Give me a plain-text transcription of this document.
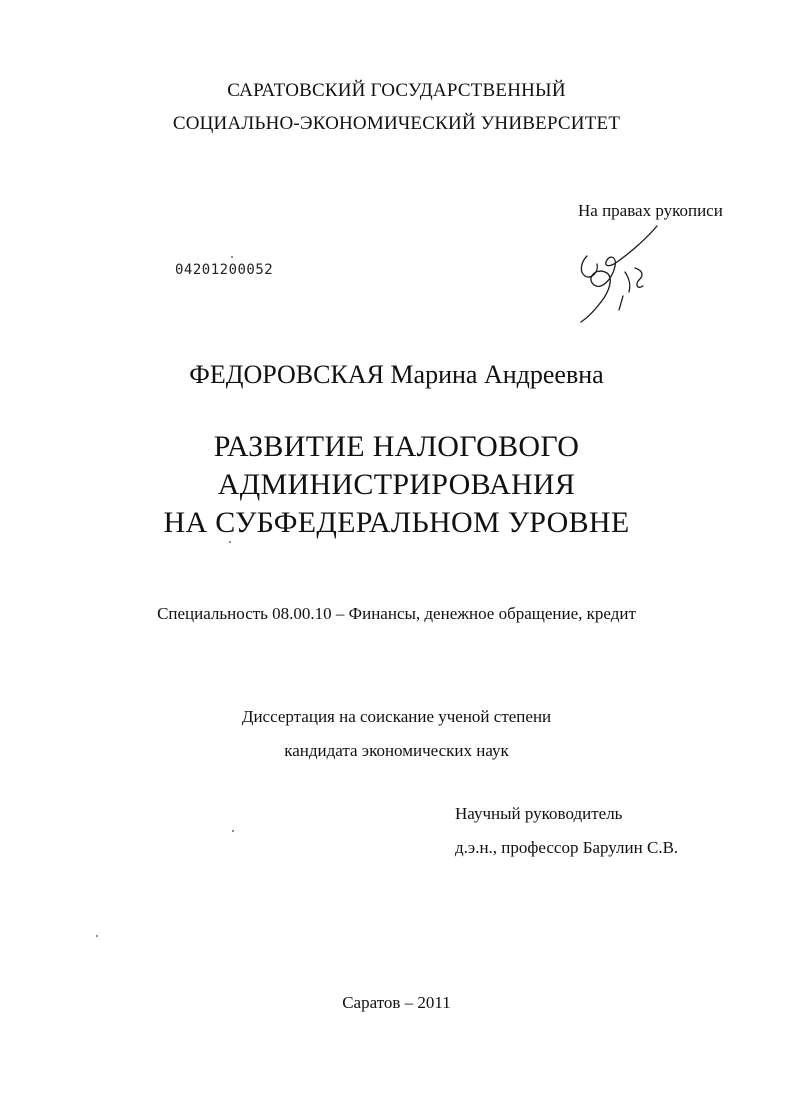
САРАТОВСКИЙ ГОСУДАРСТВЕННЫЙ
СОЦИАЛЬНО-ЭКОНОМИЧЕСКИЙ УНИВЕРСИТЕТ
На правах рукописи
04201200052
ФЕДОРОВСКАЯ Марина Андреевна
РАЗВИТИЕ НАЛОГОВОГО
АДМИНИСТРИРОВАНИЯ
НА СУБФЕДЕРАЛЬНОМ УРОВНЕ
Специальность 08.00.10 – Финансы, денежное обращение, кредит
Диссертация на соискание ученой степени
кандидата экономических наук
Научный руководитель
д.э.н., профессор Барулин С.В.
Саратов – 2011
